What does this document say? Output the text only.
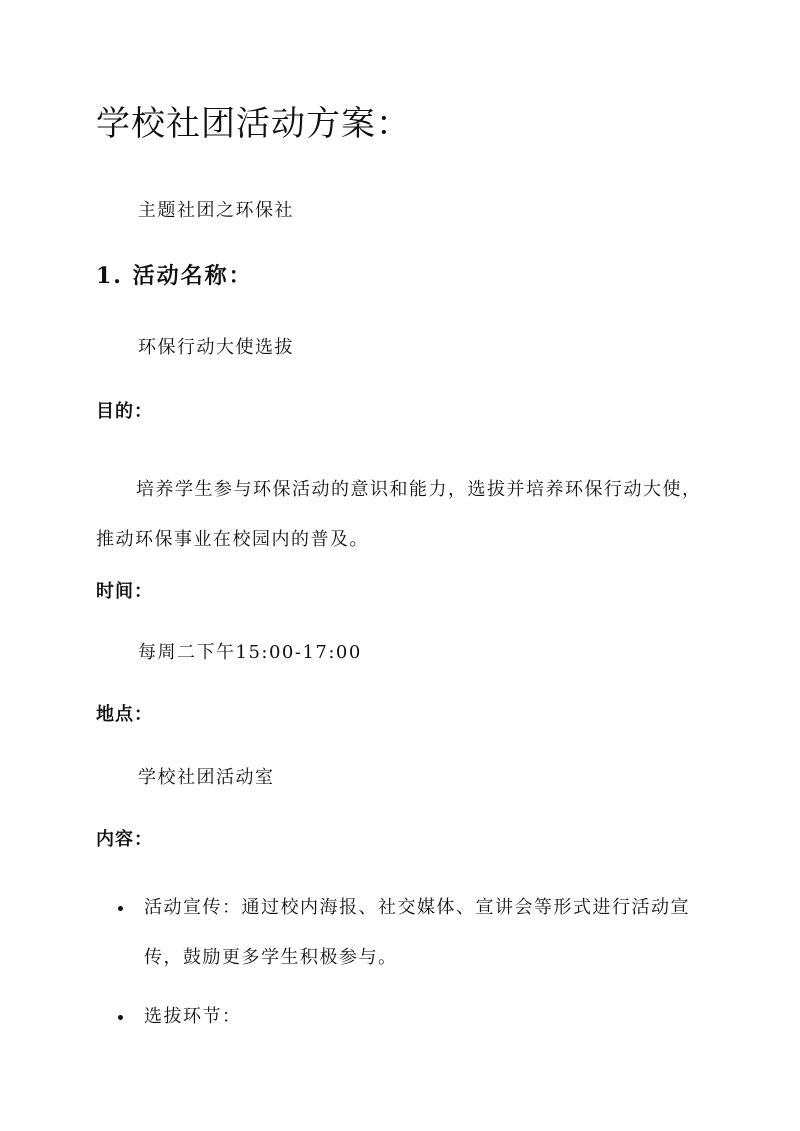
学校社团活动方案：
主题社团之环保社
1. 活动名称：
环保行动大使选拔
目的：

培养学生参与环保活动的意识和能力，选拔并培养环保行动大使，推动环保事业在校园内的普及。

时间：
每周二下午15:00-17:00
地点：
学校社团活动室
内容：
活动宣传：通过校内海报、社交媒体、宣讲会等形式进行活动宣传，鼓励更多学生积极参与。
选拔环节：
